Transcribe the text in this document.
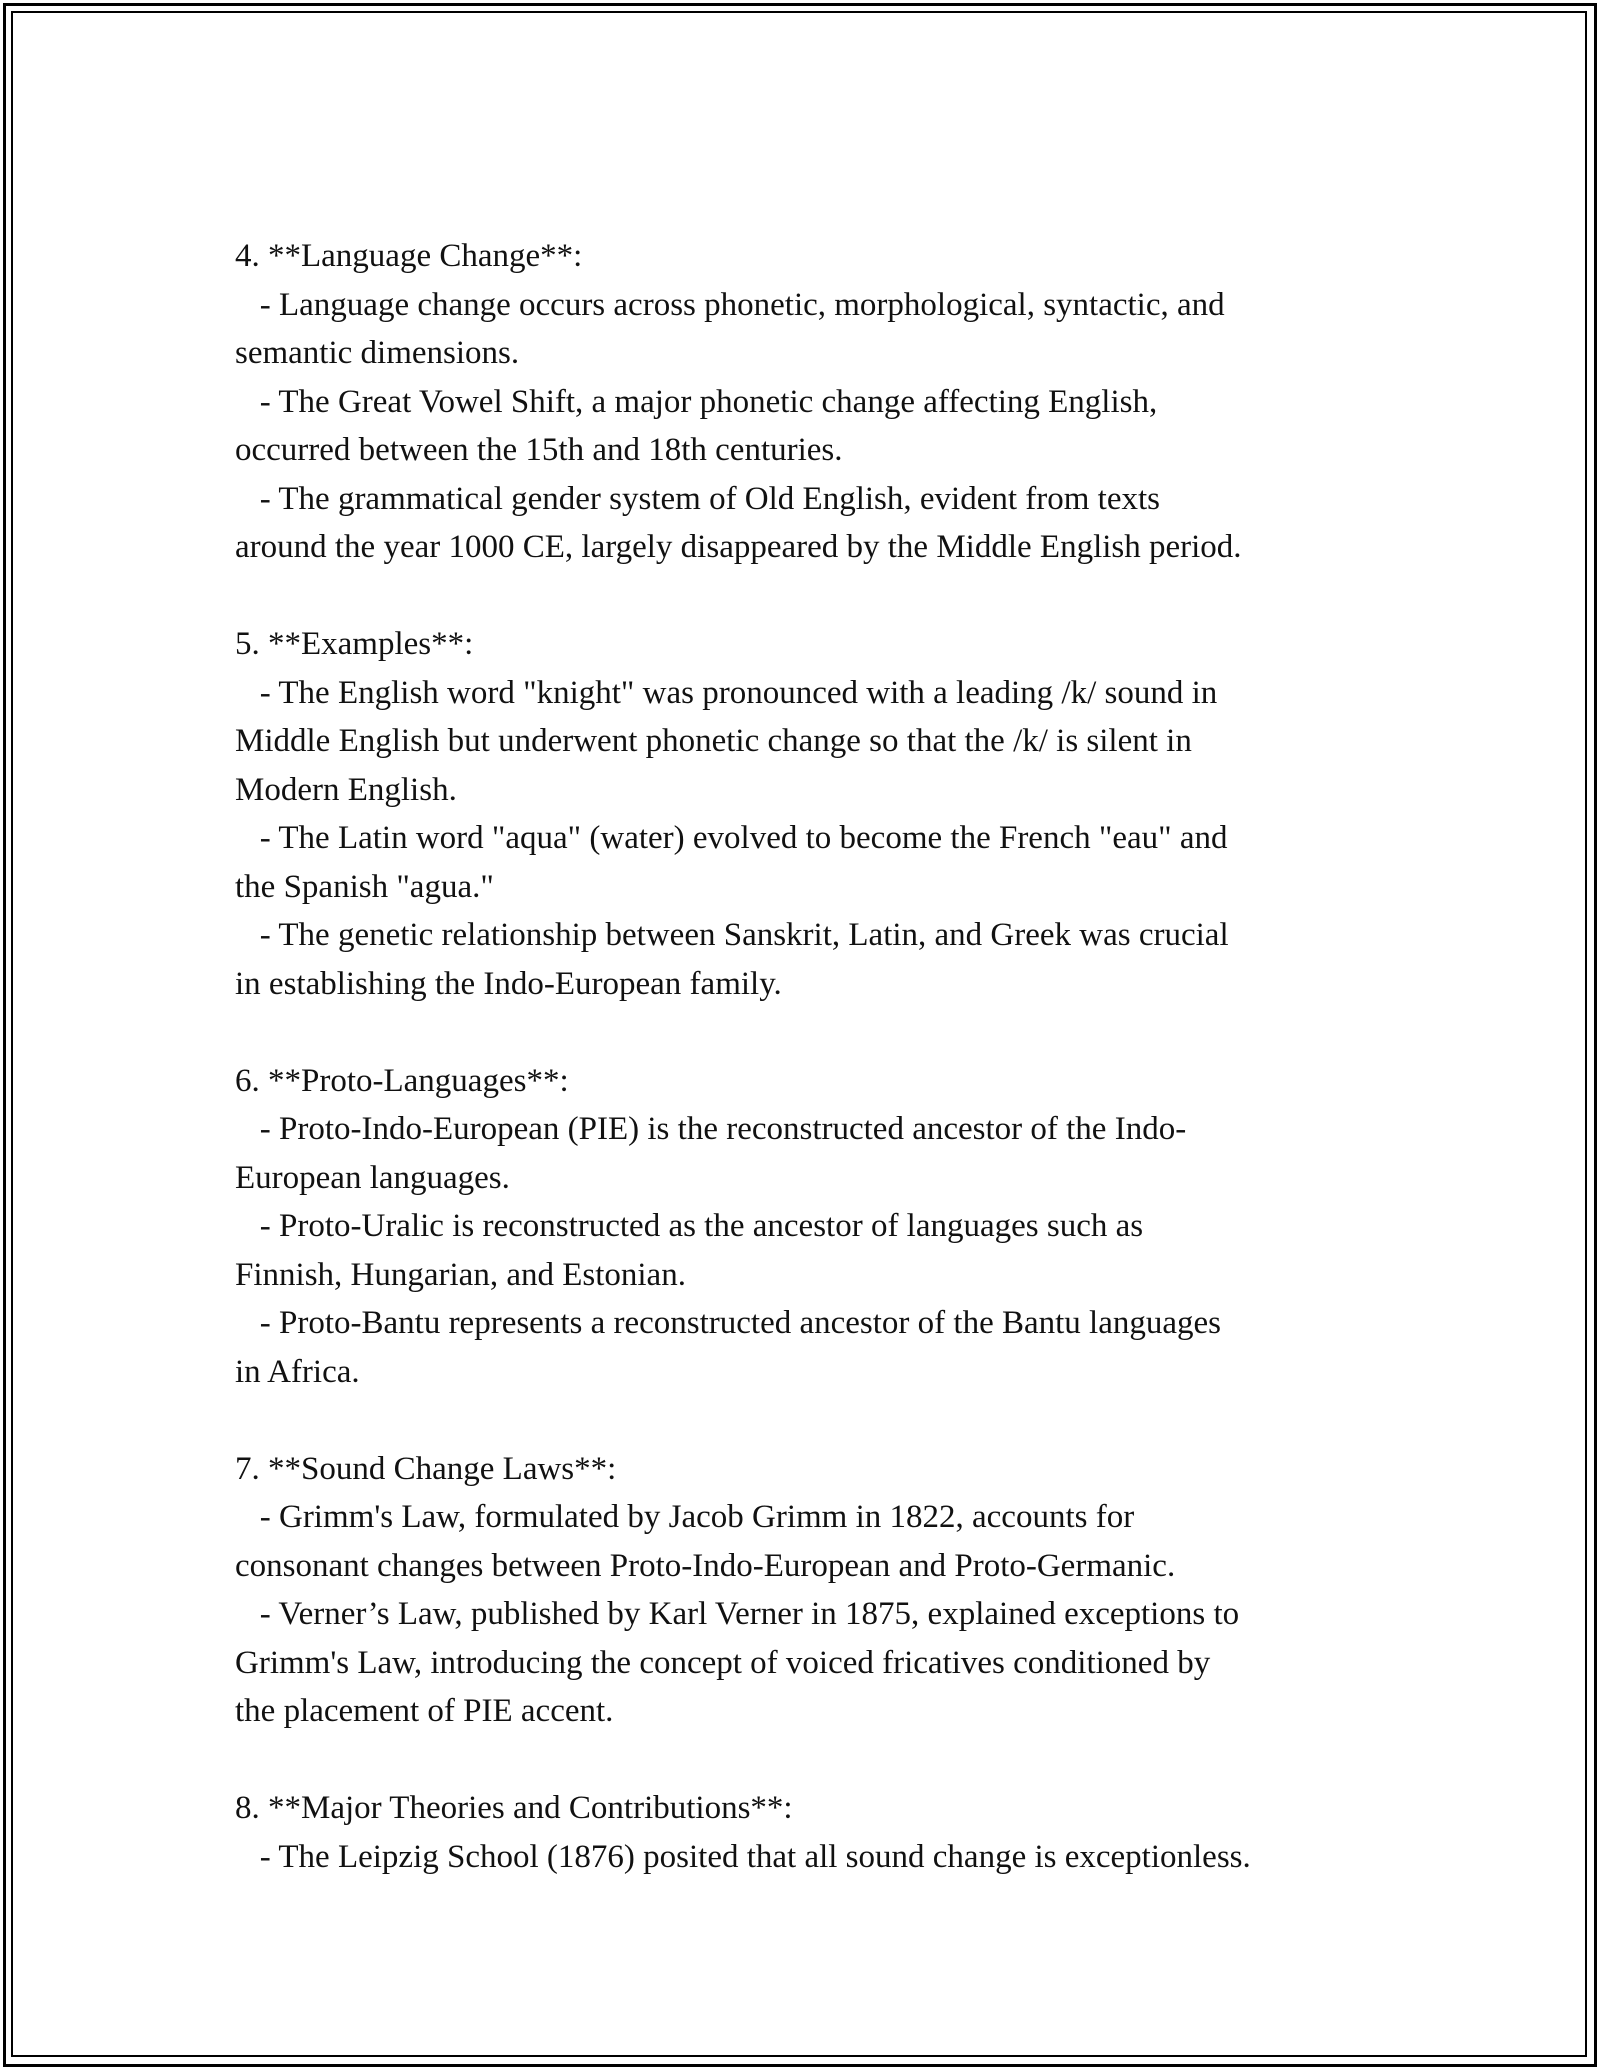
4. **Language Change**:
- Language change occurs across phonetic, morphological, syntactic, and
semantic dimensions.
- The Great Vowel Shift, a major phonetic change affecting English,
occurred between the 15th and 18th centuries.
- The grammatical gender system of Old English, evident from texts
around the year 1000 CE, largely disappeared by the Middle English period.
5. **Examples**:
- The English word "knight" was pronounced with a leading /k/ sound in
Middle English but underwent phonetic change so that the /k/ is silent in
Modern English.
- The Latin word "aqua" (water) evolved to become the French "eau" and
the Spanish "agua."
- The genetic relationship between Sanskrit, Latin, and Greek was crucial
in establishing the Indo-European family.
6. **Proto-Languages**:
- Proto-Indo-European (PIE) is the reconstructed ancestor of the Indo-
European languages.
- Proto-Uralic is reconstructed as the ancestor of languages such as
Finnish, Hungarian, and Estonian.
- Proto-Bantu represents a reconstructed ancestor of the Bantu languages
in Africa.
7. **Sound Change Laws**:
- Grimm's Law, formulated by Jacob Grimm in 1822, accounts for
consonant changes between Proto-Indo-European and Proto-Germanic.
- Verner’s Law, published by Karl Verner in 1875, explained exceptions to
Grimm's Law, introducing the concept of voiced fricatives conditioned by
the placement of PIE accent.
8. **Major Theories and Contributions**:
- The Leipzig School (1876) posited that all sound change is exceptionless.
